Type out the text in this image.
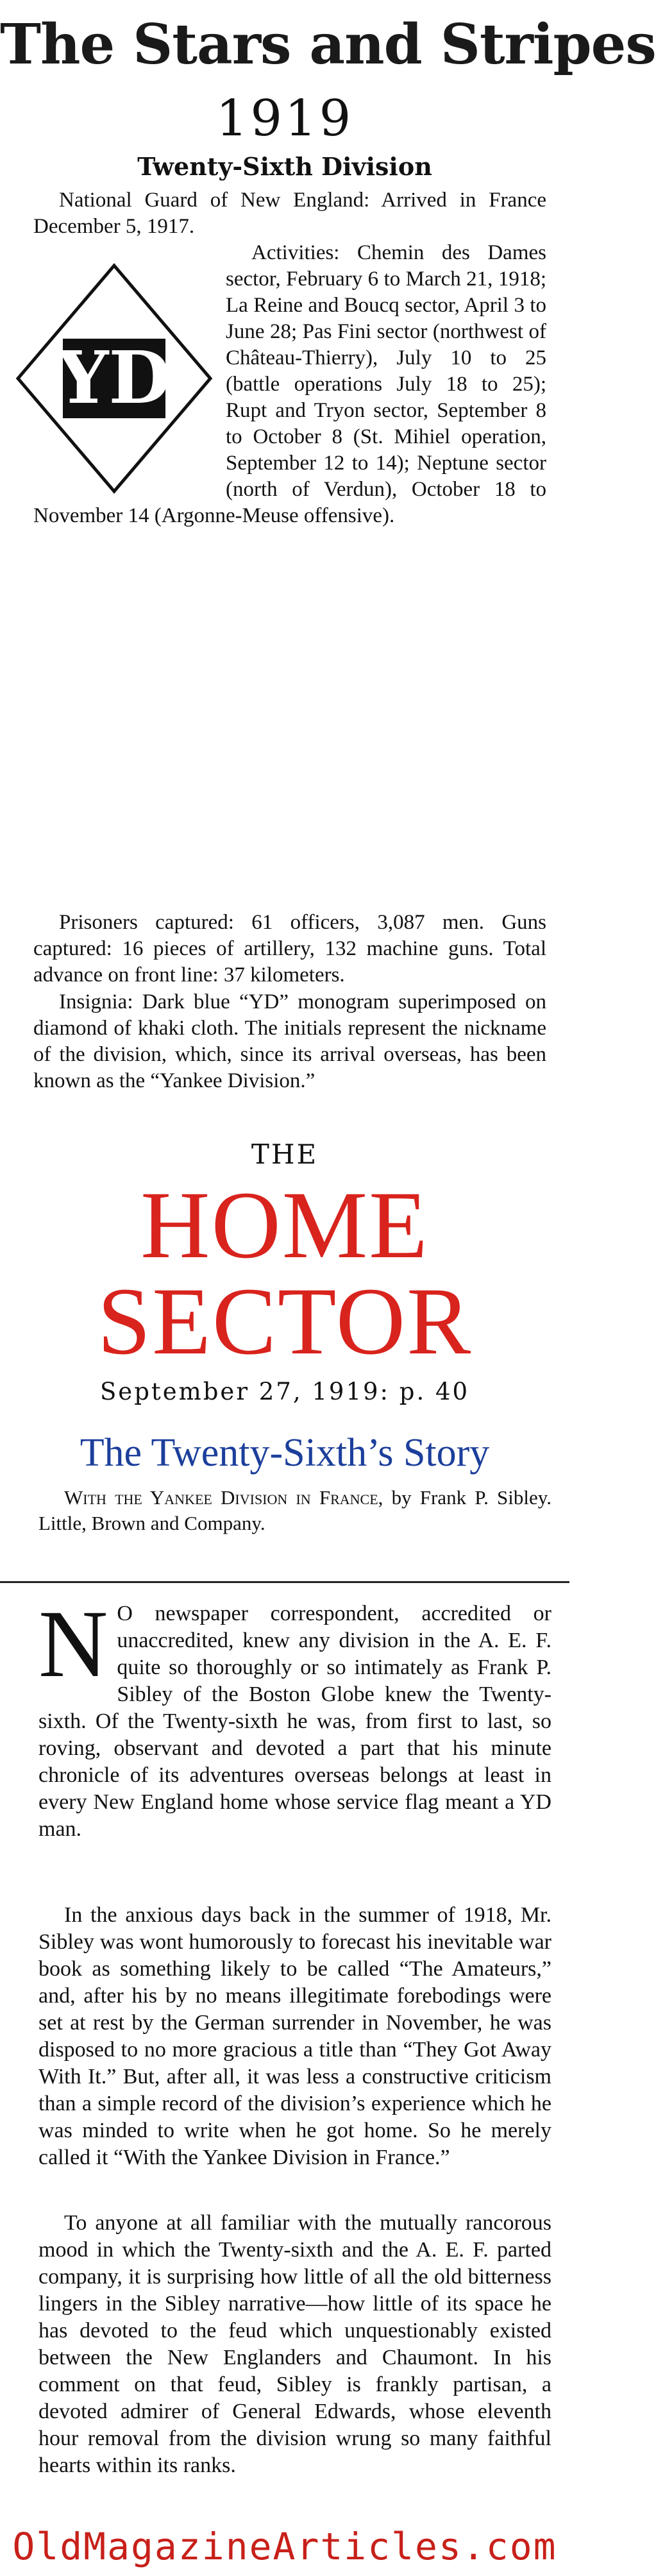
The Stars and Stripes
1919
Twenty-Sixth Division
National Guard of New England: Arrived in France December 5, 1917.
YD
Activities: Chemin des Dames sector, February 6 to March 21, 1918; La Reine and Boucq sector, April 3 to June 28; Pas Fini sector (northwest of Château-Thierry), July 10 to 25 (battle operations July 18 to 25); Rupt and Tryon sector, September 8 to October 8 (St. Mihiel operation, September 12 to 14); Neptune sector (north of Verdun), October 18 to November 14 (Argonne-Meuse offensive).
Prisoners captured: 61 officers, 3,087 men. Guns captured: 16 pieces of artillery, 132 machine guns. Total advance on front line: 37 kilometers.
Insignia: Dark blue “YD” monogram superimposed on diamond of khaki cloth. The initials represent the nickname of the division, which, since its arrival overseas, has been known as the “Yankee Division.”
THE
HOME
SECTOR
September 27, 1919: p. 40
The Twenty-Sixth’s Story
With the Yankee Division in France, by Frank P. Sibley. Little, Brown and Company.
N O newspaper correspondent, accredited or unaccredited, knew any division in the A. E. F. quite so thoroughly or so intimately as Frank P. Sibley of the Boston Globe knew the Twenty-sixth. Of the Twenty-sixth he was, from first to last, so roving, observant and devoted a part that his minute chronicle of its adventures overseas belongs at least in every New England home whose service flag meant a YD man.
In the anxious days back in the summer of 1918, Mr. Sibley was wont humorously to forecast his inevitable war book as something likely to be called “The Amateurs,” and, after his by no means illegitimate forebodings were set at rest by the German surrender in November, he was disposed to no more gracious a title than “They Got Away With It.” But, after all, it was less a constructive criticism than a simple record of the division’s experience which he was minded to write when he got home. So he merely called it “With the Yankee Division in France.”
To anyone at all familiar with the mutually rancorous mood in which the Twenty-sixth and the A. E. F. parted company, it is surprising how little of all the old bitterness lingers in the Sibley narrative—how little of its space he has devoted to the feud which unquestionably existed between the New Englanders and Chaumont. In his comment on that feud, Sibley is frankly partisan, a devoted admirer of General Edwards, whose eleventh hour removal from the division wrung so many faithful hearts within its ranks.
OldMagazineArticles.com
